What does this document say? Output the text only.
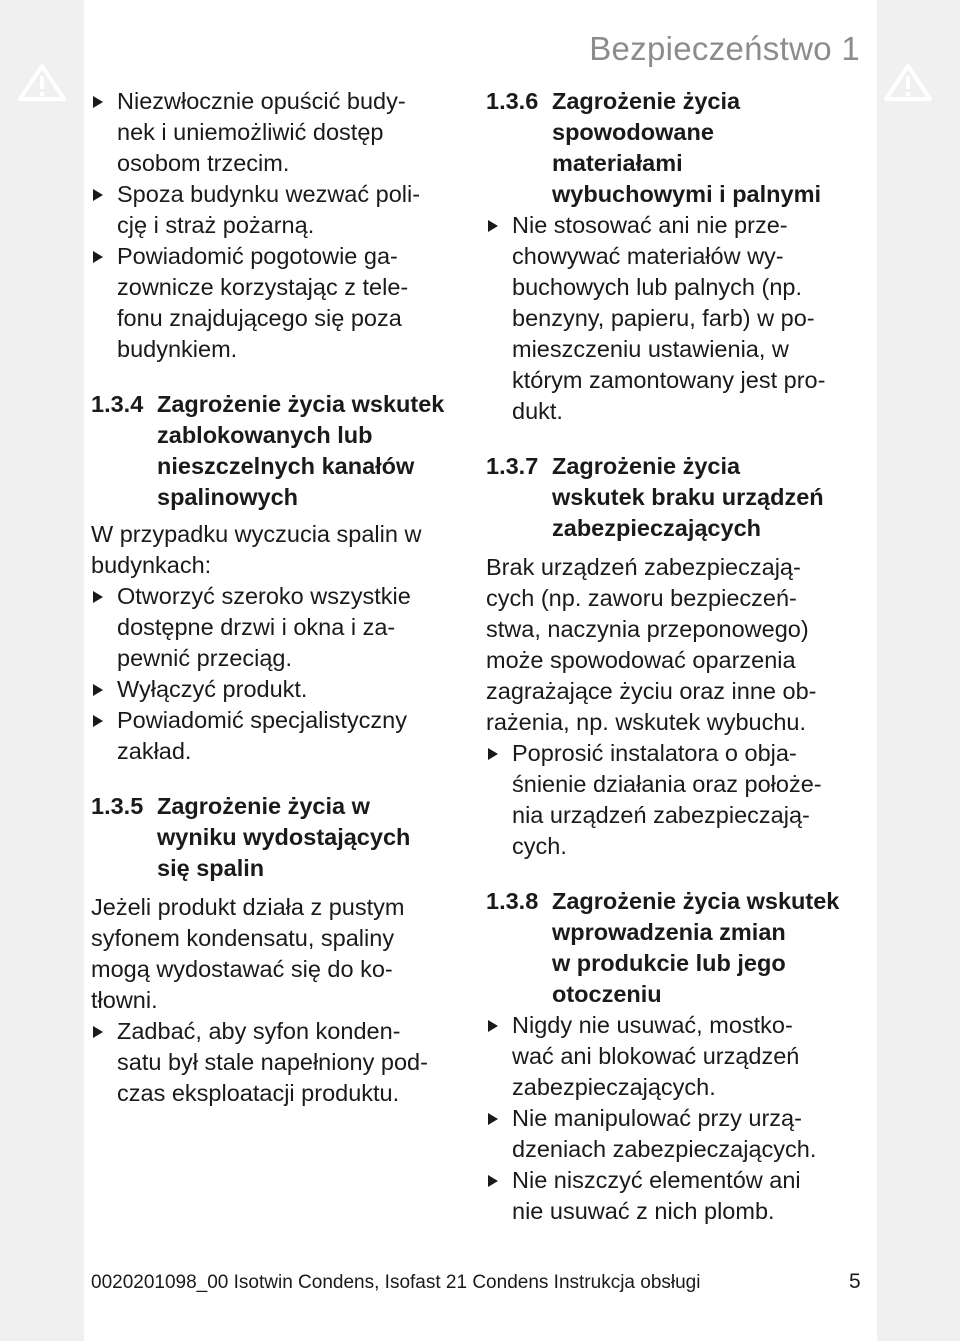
Bezpieczeństwo 1
Niezwłocznie opuścić budy-
nek i uniemożliwić dostęp
osobom trzecim.
Spoza budynku wezwać poli-
cję i straż pożarną.
Powiadomić pogotowie ga-
zownicze korzystając z tele-
fonu znajdującego się poza
budynkiem.
1.3.4 Zagrożenie życia wskutek
zablokowanych lub
nieszczelnych kanałów
spalinowych

W przypadku wyczucia spalin w
budynkach:

Otworzyć szeroko wszystkie
dostępne drzwi i okna i za-
pewnić przeciąg.
Wyłączyć produkt.
Powiadomić specjalistyczny
zakład.
1.3.5 Zagrożenie życia w
wyniku wydostających
się spalin

Jeżeli produkt działa z pustym
syfonem kondensatu, spaliny
mogą wydostawać się do ko-
tłowni.

Zadbać, aby syfon konden-
satu był stale napełniony pod-
czas eksploatacji produktu.
1.3.6 Zagrożenie życia
spowodowane
materiałami
wybuchowymi i palnymi
Nie stosować ani nie prze-
chowywać materiałów wy-
buchowych lub palnych (np.
benzyny, papieru, farb) w po-
mieszczeniu ustawienia, w
którym zamontowany jest pro-
dukt.
1.3.7 Zagrożenie życia
wskutek braku urządzeń
zabezpieczających

Brak urządzeń zabezpieczają-
cych (np. zaworu bezpieczeń-
stwa, naczynia przeponowego)
może spowodować oparzenia
zagrażające życiu oraz inne ob-
rażenia, np. wskutek wybuchu.

Poprosić instalatora o obja-
śnienie działania oraz położe-
nia urządzeń zabezpieczają-
cych.
1.3.8 Zagrożenie życia wskutek
wprowadzenia zmian
w produkcie lub jego
otoczeniu
Nigdy nie usuwać, mostko-
wać ani blokować urządzeń
zabezpieczających.
Nie manipulować przy urzą-
dzeniach zabezpieczających.
Nie niszczyć elementów ani
nie usuwać z nich plomb.
0020201098_00 Isotwin Condens, Isofast 21 Condens Instrukcja obsługi	5
